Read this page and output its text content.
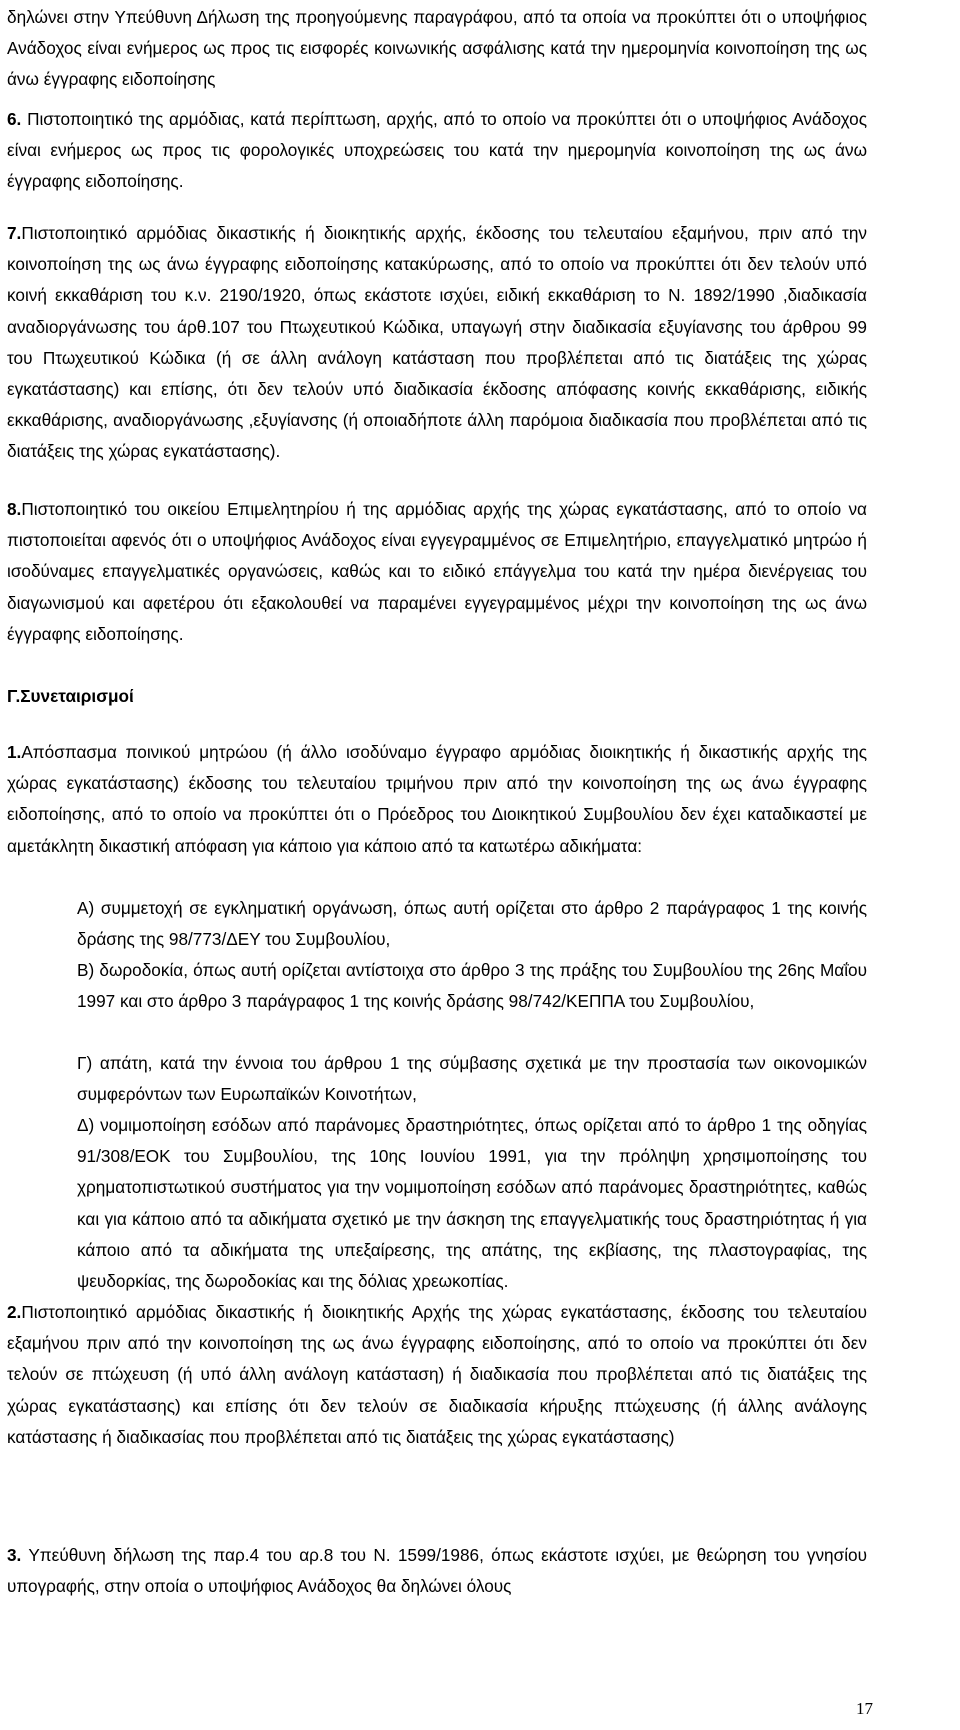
δηλώνει στην Υπεύθυνη Δήλωση της προηγούμενης παραγράφου, από τα οποία να προκύπτει ότι ο υποψήφιος Ανάδοχος είναι ενήμερος ως προς τις εισφορές κοινωνικής ασφάλισης κατά την ημερομηνία κοινοποίηση της ως άνω έγγραφης ειδοποίησης
6. Πιστοποιητικό της αρμόδιας, κατά περίπτωση, αρχής, από το οποίο να προκύπτει ότι ο υποψήφιος Ανάδοχος είναι ενήμερος ως προς τις φορολογικές υποχρεώσεις του κατά την ημερομηνία κοινοποίηση της ως άνω έγγραφης ειδοποίησης.
7.Πιστοποιητικό αρμόδιας δικαστικής ή διοικητικής αρχής, έκδοσης του τελευταίου εξαμήνου, πριν από την κοινοποίηση της ως άνω έγγραφης ειδοποίησης κατακύρωσης, από το οποίο να προκύπτει ότι δεν τελούν υπό κοινή εκκαθάριση του κ.ν. 2190/1920, όπως εκάστοτε ισχύει, ειδική εκκαθάριση το Ν. 1892/1990 ,διαδικασία αναδιοργάνωσης του άρθ.107 του Πτωχευτικού Κώδικα, υπαγωγή στην διαδικασία εξυγίανσης του άρθρου 99 του Πτωχευτικού Κώδικα (ή σε άλλη ανάλογη κατάσταση που προβλέπεται από τις διατάξεις της χώρας εγκατάστασης) και επίσης, ότι δεν τελούν υπό διαδικασία έκδοσης απόφασης κοινής εκκαθάρισης, ειδικής εκκαθάρισης, αναδιοργάνωσης ,εξυγίανσης (ή οποιαδήποτε άλλη παρόμοια διαδικασία που προβλέπεται από τις διατάξεις της χώρας εγκατάστασης).
8.Πιστοποιητικό του οικείου Επιμελητηρίου ή της αρμόδιας αρχής της χώρας εγκατάστασης, από το οποίο να πιστοποιείται αφενός ότι ο υποψήφιος Ανάδοχος είναι εγγεγραμμένος σε Επιμελητήριο, επαγγελματικό μητρώο ή ισοδύναμες επαγγελματικές οργανώσεις, καθώς και το ειδικό επάγγελμα του κατά την ημέρα διενέργειας του διαγωνισμού και αφετέρου ότι εξακολουθεί να παραμένει εγγεγραμμένος μέχρι την κοινοποίηση της ως άνω έγγραφης ειδοποίησης.
Γ.Συνεταιρισμοί
1.Απόσπασμα ποινικού μητρώου (ή άλλο ισοδύναμο έγγραφο αρμόδιας διοικητικής ή δικαστικής αρχής της χώρας εγκατάστασης) έκδοσης του τελευταίου τριμήνου πριν από την κοινοποίηση της ως άνω έγγραφης ειδοποίησης, από το οποίο να προκύπτει ότι ο Πρόεδρος του Διοικητικού Συμβουλίου δεν έχει καταδικαστεί με αμετάκλητη δικαστική απόφαση για κάποιο για κάποιο από τα κατωτέρω αδικήματα:
Α) συμμετοχή σε εγκληματική οργάνωση, όπως αυτή ορίζεται στο άρθρο 2 παράγραφος 1 της κοινής δράσης της 98/773/ΔΕΥ του Συμβουλίου,
Β) δωροδοκία, όπως αυτή ορίζεται αντίστοιχα στο άρθρο 3 της πράξης του Συμβουλίου της 26ης Μαΐου 1997 και στο άρθρο 3 παράγραφος 1 της κοινής δράσης 98/742/ΚΕΠΠΑ του Συμβουλίου,
Γ) απάτη, κατά την έννοια του άρθρου 1 της σύμβασης σχετικά με την προστασία των οικονομικών συμφερόντων των Ευρωπαϊκών Κοινοτήτων,
Δ) νομιμοποίηση εσόδων από παράνομες δραστηριότητες, όπως ορίζεται από το άρθρο 1 της οδηγίας 91/308/ΕΟΚ του Συμβουλίου, της 10ης Ιουνίου 1991, για την πρόληψη χρησιμοποίησης του χρηματοπιστωτικού συστήματος για την νομιμοποίηση εσόδων από παράνομες δραστηριότητες, καθώς και για κάποιο από τα αδικήματα σχετικό με την άσκηση της επαγγελματικής τους δραστηριότητας ή για κάποιο από τα αδικήματα της υπεξαίρεσης, της απάτης, της εκβίασης, της πλαστογραφίας, της ψευδορκίας, της δωροδοκίας και της δόλιας χρεωκοπίας.
2.Πιστοποιητικό αρμόδιας δικαστικής ή διοικητικής Αρχής της χώρας εγκατάστασης, έκδοσης του τελευταίου εξαμήνου πριν από την κοινοποίηση της ως άνω έγγραφης ειδοποίησης, από το οποίο να προκύπτει ότι δεν τελούν σε πτώχευση (ή υπό άλλη ανάλογη κατάσταση) ή διαδικασία που προβλέπεται από τις διατάξεις της χώρας εγκατάστασης) και επίσης ότι δεν τελούν σε διαδικασία κήρυξης πτώχευσης (ή άλλης ανάλογης κατάστασης ή διαδικασίας που προβλέπεται από τις διατάξεις της χώρας εγκατάστασης)
3. Υπεύθυνη δήλωση της παρ.4 του αρ.8 του Ν. 1599/1986, όπως εκάστοτε ισχύει, με θεώρηση του γνησίου υπογραφής, στην οποία ο υποψήφιος Ανάδοχος θα δηλώνει όλους
17
